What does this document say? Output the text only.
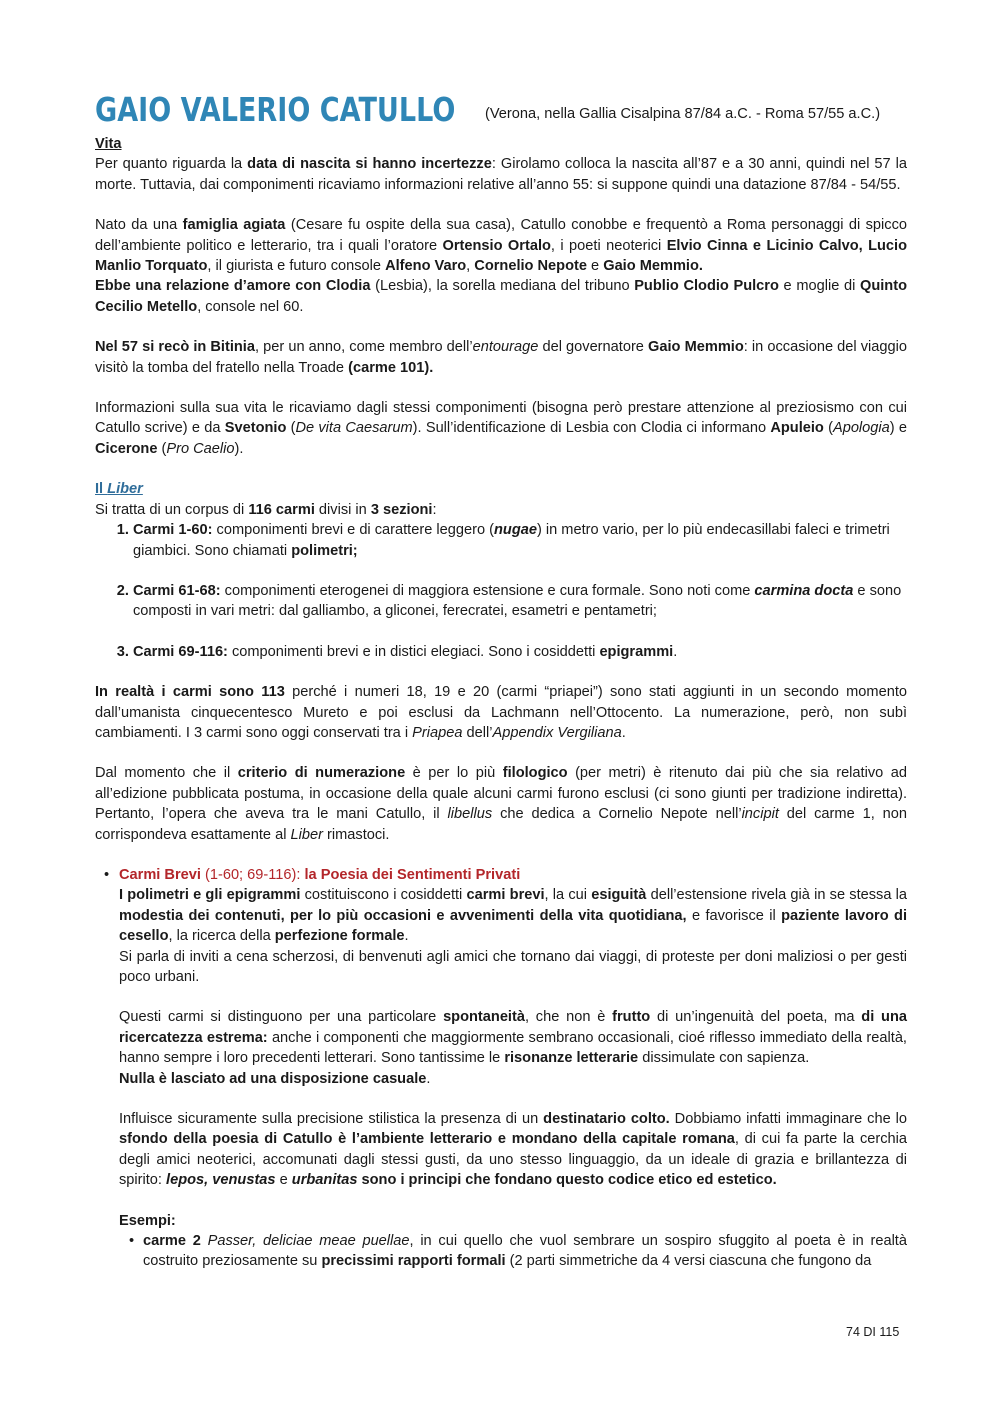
GAIO VALERIO CATULLO (Verona, nella Gallia Cisalpina 87/84 a.C. - Roma 57/55 a.C.)
Vita

Per quanto riguarda la data di nascita si hanno incertezze: Girolamo colloca la nascita all’87 e a 30 anni, quindi nel 57 la morte. Tuttavia, dai componimenti ricaviamo informazioni relative all’anno 55: si suppone quindi una datazione 87/84 - 54/55.

Nato da una famiglia agiata (Cesare fu ospite della sua casa), Catullo conobbe e frequentò a Roma personaggi di spicco dell’ambiente politico e letterario, tra i quali l’oratore Ortensio Ortalo, i poeti neoterici Elvio Cinna e Licinio Calvo, Lucio Manlio Torquato, il giurista e futuro console Alfeno Varo, Cornelio Nepote e Gaio Memmio.

Ebbe una relazione d’amore con Clodia (Lesbia), la sorella mediana del tribuno Publio Clodio Pulcro e moglie di Quinto Cecilio Metello, console nel 60.

Nel 57 si recò in Bitinia, per un anno, come membro dell’entourage del governatore Gaio Memmio: in occasione del viaggio visitò la tomba del fratello nella Troade (carme 101).

Informazioni sulla sua vita le ricaviamo dagli stessi componimenti (bisogna però prestare attenzione al preziosismo con cui Catullo scrive) e da Svetonio (De vita Caesarum). Sull’identificazione di Lesbia con Clodia ci informano Apuleio (Apologia) e Cicerone (Pro Caelio).

Il Liber

Si tratta di un corpus di 116 carmi divisi in 3 sezioni:

1. Carmi 1-60: componimenti brevi e di carattere leggero (nugae) in metro vario, per lo più endecasillabi faleci e trimetri giambici. Sono chiamati polimetri;
2. Carmi 61-68: componimenti eterogenei di maggiora estensione e cura formale. Sono noti come carmina docta e sono composti in vari metri: dal galliambo, a gliconei, ferecratei, esametri e pentametri;
3. Carmi 69-116: componimenti brevi e in distici elegiaci. Sono i cosiddetti epigrammi.

In realtà i carmi sono 113 perché i numeri 18, 19 e 20 (carmi “priapei”) sono stati aggiunti in un secondo momento dall’umanista cinquecentesco Mureto e poi esclusi da Lachmann nell’Ottocento. La numerazione, però, non subì cambiamenti. I 3 carmi sono oggi conservati tra i Priapea dell’Appendix Vergiliana.

Dal momento che il criterio di numerazione è per lo più filologico (per metri) è ritenuto dai più che sia relativo ad all’edizione pubblicata postuma, in occasione della quale alcuni carmi furono esclusi (ci sono giunti per tradizione indiretta). Pertanto, l’opera che aveva tra le mani Catullo, il libellus che dedica a Cornelio Nepote nell’incipit del carme 1, non corrispondeva esattamente al Liber rimastoci.

• Carmi Brevi (1-60; 69-116): la Poesia dei Sentimenti Privati

I polimetri e gli epigrammi costituiscono i cosiddetti carmi brevi, la cui esiguità dell’estensione rivela già in se stessa la modestia dei contenuti, per lo più occasioni e avvenimenti della vita quotidiana, e favorisce il paziente lavoro di cesello, la ricerca della perfezione formale.

Si parla di inviti a cena scherzosi, di benvenuti agli amici che tornano dai viaggi, di proteste per doni maliziosi o per gesti poco urbani.

Questi carmi si distinguono per una particolare spontaneità, che non è frutto di un’ingenuità del poeta, ma di una ricercatezza estrema: anche i componenti che maggiormente sembrano occasionali, cioé riflesso immediato della realtà, hanno sempre i loro precedenti letterari. Sono tantissime le risonanze letterarie dissimulate con sapienza.
Nulla è lasciato ad una disposizione casuale.

Influisce sicuramente sulla precisione stilistica la presenza di un destinatario colto. Dobbiamo infatti immaginare che lo sfondo della poesia di Catullo è l’ambiente letterario e mondano della capitale romana, di cui fa parte la cerchia degli amici neoterici, accomunati dagli stessi gusti, da uno stesso linguaggio, da un ideale di grazia e brillantezza di spirito: lepos, venustas e urbanitas sono i principi che fondano questo codice etico ed estetico.

Esempi:

• carme 2 Passer, deliciae meae puellae, in cui quello che vuol sembrare un sospiro sfuggito al poeta è in realtà costruito preziosamente su precissimi rapporti formali (2 parti simmetriche da 4 versi ciascuna che fungono da

74 DI 115
